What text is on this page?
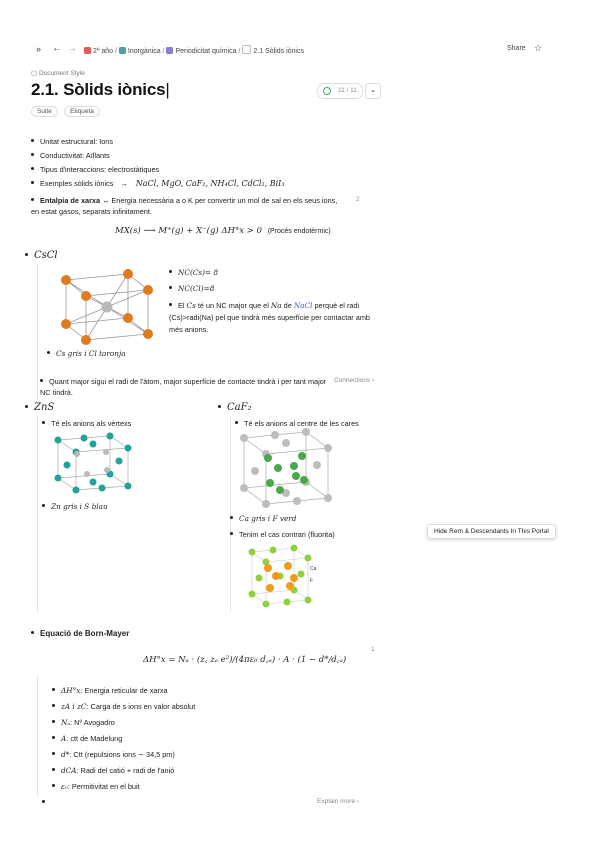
» ← →	2º año / Inorgànica / Periodicitat química / 2.1 Sòlids iònics	Share ☆
▢ Document Style
2.1. Sòlids iònics|
Suite	Etiqueta
11 / 11	⌄
Unitat estructural: Ions
Conductivitat: Aïllants
Tipus d'interaccions: electrostàtiques
Exemples sòlids iònics → NaCl, MgO, CaF₂, NH₄Cl, CdCl₂, BiI₃
Entalpia de xarxa ↔ Energia necessària a o K per convertir un mol de sal en els seus ions, en estat gasos, separats infinitament.
2
MX(s) ⟶ M⁺(g) + X⁻(g) ΔH°x > 0 (Procés endotèrmic)
CsCl
NC(Cs)= 8
NC(Cl)=8
El Cs té un NC major que el Na de NaCl perquè el radi (Cs)>radi(Na) pel que tindrà més superfície per contactar amb més anions.
Cs gris i Cl taronja
Quant major sigui el radi de l'àtom, major superfície de contacte tindrà i per tant major NC tindrà.
Connections ›
ZnS
Té els anions als vèrtexs
Zn gris i S blau
CaF₂
Té els anions al centre de les cares
Ca gris i F verd
Tenim el cas contrari (fluorita)
Ca
F
Hide Rem & Descendants In This Portal
Equació de Born-Mayer
1
ΔH°x = Nₐ · (z꜀ zₐ e²)/(4πε₀ d꜀ₐ) · A · (1 − d*/d꜀ₐ)
ΔH°x: Energia reticular de xarxa
zA i zC: Carga de s ions en valor absolut
Nₐ: Nº Avogadro
A: ctt de Madelung
d*: Ctt (repulsions ions ∼ 34,5 pm)
dCA: Radi del catió + radi de l'anió
ε₀: Permitivitat en el buit
Explain more ›
